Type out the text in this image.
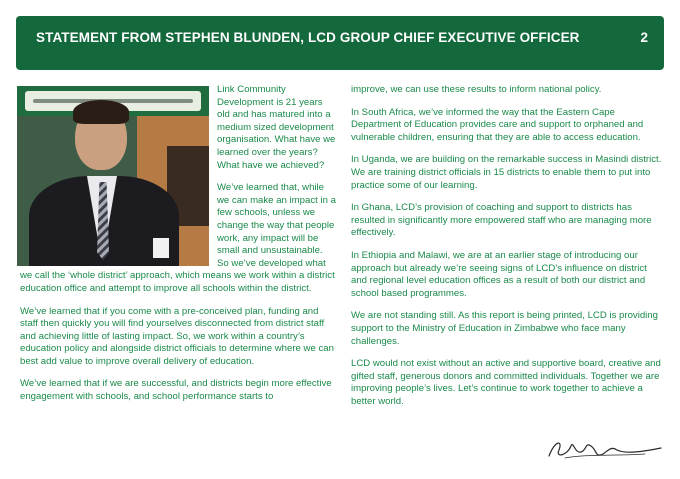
STATEMENT FROM STEPHEN BLUNDEN, LCD GROUP CHIEF EXECUTIVE OFFICER	2

Link Community Development is 21 years old and has matured into a medium sized development organisation. What have we learned over the years? What have we achieved?

We’ve learned that, while we can make an impact in a few schools, unless we change the way that people work, any impact will be small and unsustainable. So we’ve developed what we call the ‘whole district’ approach, which means we work within a district education office and attempt to improve all schools within the district.

We’ve learned that if you come with a pre-conceived plan, funding and staff then quickly you will find yourselves disconnected from district staff and achieving little of lasting impact. So, we work within a country’s education policy and alongside district officials to determine where we can best add value to improve overall delivery of education.

We’ve learned that if we are successful, and districts begin more effective engagement with schools, and school performance starts to

improve, we can use these results to inform national policy.

In South Africa, we’ve informed the way that the Eastern Cape Department of Education provides care and support to orphaned and vulnerable children, ensuring that they are able to access education.

In Uganda, we are building on the remarkable success in Masindi district. We are training district officials in 15 districts to enable them to put into practice some of our learning.

In Ghana, LCD’s provision of coaching and support to districts has resulted in significantly more empowered staff who are managing more effectively.

In Ethiopia and Malawi, we are at an earlier stage of introducing our approach but already we’re seeing signs of LCD’s influence on district and regional level education offices as a result of both our district and school based programmes.

We are not standing still. As this report is being printed, LCD is providing support to the Ministry of Education in Zimbabwe who face many challenges.

LCD would not exist without an active and supportive board, creative and gifted staff, generous donors and committed individuals. Together we are improving people’s lives. Let’s continue to work together to achieve a better world.
